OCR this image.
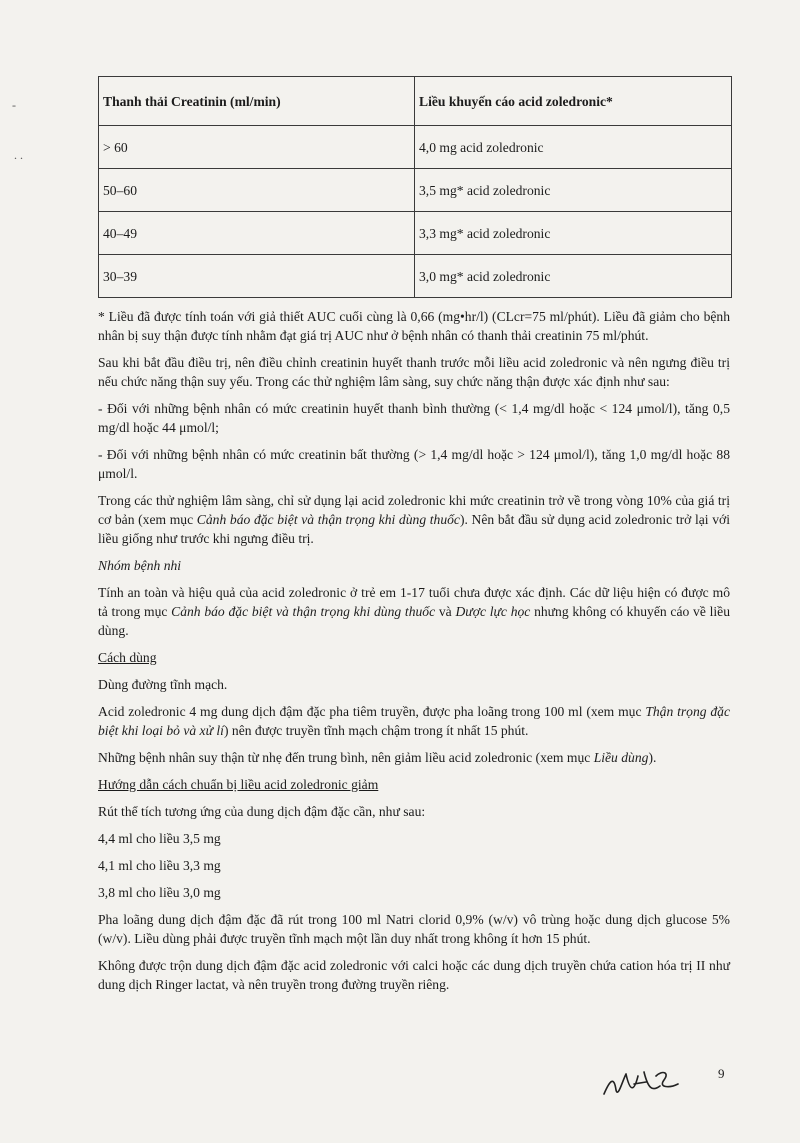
-
. .
Thanh thải Creatinin (ml/min)	Liều khuyến cáo acid zoledronic*
> 60	4,0 mg acid zoledronic
50–60	3,5 mg* acid zoledronic
40–49	3,3 mg* acid zoledronic
30–39	3,0 mg* acid zoledronic

* Liều đã được tính toán với giả thiết AUC cuối cùng là 0,66 (mg•hr/l) (CLcr=75 ml/phút). Liều đã giảm cho bệnh nhân bị suy thận được tính nhằm đạt giá trị AUC như ở bệnh nhân có thanh thải creatinin 75 ml/phút.

Sau khi bắt đầu điều trị, nên điều chỉnh creatinin huyết thanh trước mỗi liều acid zoledronic và nên ngưng điều trị nếu chức năng thận suy yếu. Trong các thử nghiệm lâm sàng, suy chức năng thận được xác định như sau:

- Đối với những bệnh nhân có mức creatinin huyết thanh bình thường (< 1,4 mg/dl hoặc < 124 μmol/l), tăng 0,5 mg/dl hoặc 44 μmol/l;

- Đối với những bệnh nhân có mức creatinin bất thường (> 1,4 mg/dl hoặc > 124 μmol/l), tăng 1,0 mg/dl hoặc 88 μmol/l.

Trong các thử nghiệm lâm sàng, chỉ sử dụng lại acid zoledronic khi mức creatinin trở về trong vòng 10% của giá trị cơ bản (xem mục Cảnh báo đặc biệt và thận trọng khi dùng thuốc). Nên bắt đầu sử dụng acid zoledronic trở lại với liều giống như trước khi ngưng điều trị.

Nhóm bệnh nhi

Tính an toàn và hiệu quả của acid zoledronic ở trẻ em 1-17 tuổi chưa được xác định. Các dữ liệu hiện có được mô tả trong mục Cảnh báo đặc biệt và thận trọng khi dùng thuốc và Dược lực học nhưng không có khuyến cáo về liều dùng.

Cách dùng

Dùng đường tĩnh mạch.

Acid zoledronic 4 mg dung dịch đậm đặc pha tiêm truyền, được pha loãng trong 100 ml (xem mục Thận trọng đặc biệt khi loại bỏ và xử lí) nên được truyền tĩnh mạch chậm trong ít nhất 15 phút.

Những bệnh nhân suy thận từ nhẹ đến trung bình, nên giảm liều acid zoledronic (xem mục Liều dùng).

Hướng dẫn cách chuẩn bị liều acid zoledronic giảm

Rút thể tích tương ứng của dung dịch đậm đặc cần, như sau:

4,4 ml cho liều 3,5 mg

4,1 ml cho liều 3,3 mg

3,8 ml cho liều 3,0 mg

Pha loãng dung dịch đậm đặc đã rút trong 100 ml Natri clorid 0,9% (w/v) vô trùng hoặc dung dịch glucose 5% (w/v). Liều dùng phải được truyền tĩnh mạch một lần duy nhất trong không ít hơn 15 phút.

Không được trộn dung dịch đậm đặc acid zoledronic với calci hoặc các dung dịch truyền chứa cation hóa trị II như dung dịch Ringer lactat, và nên truyền trong đường truyền riêng.

9
